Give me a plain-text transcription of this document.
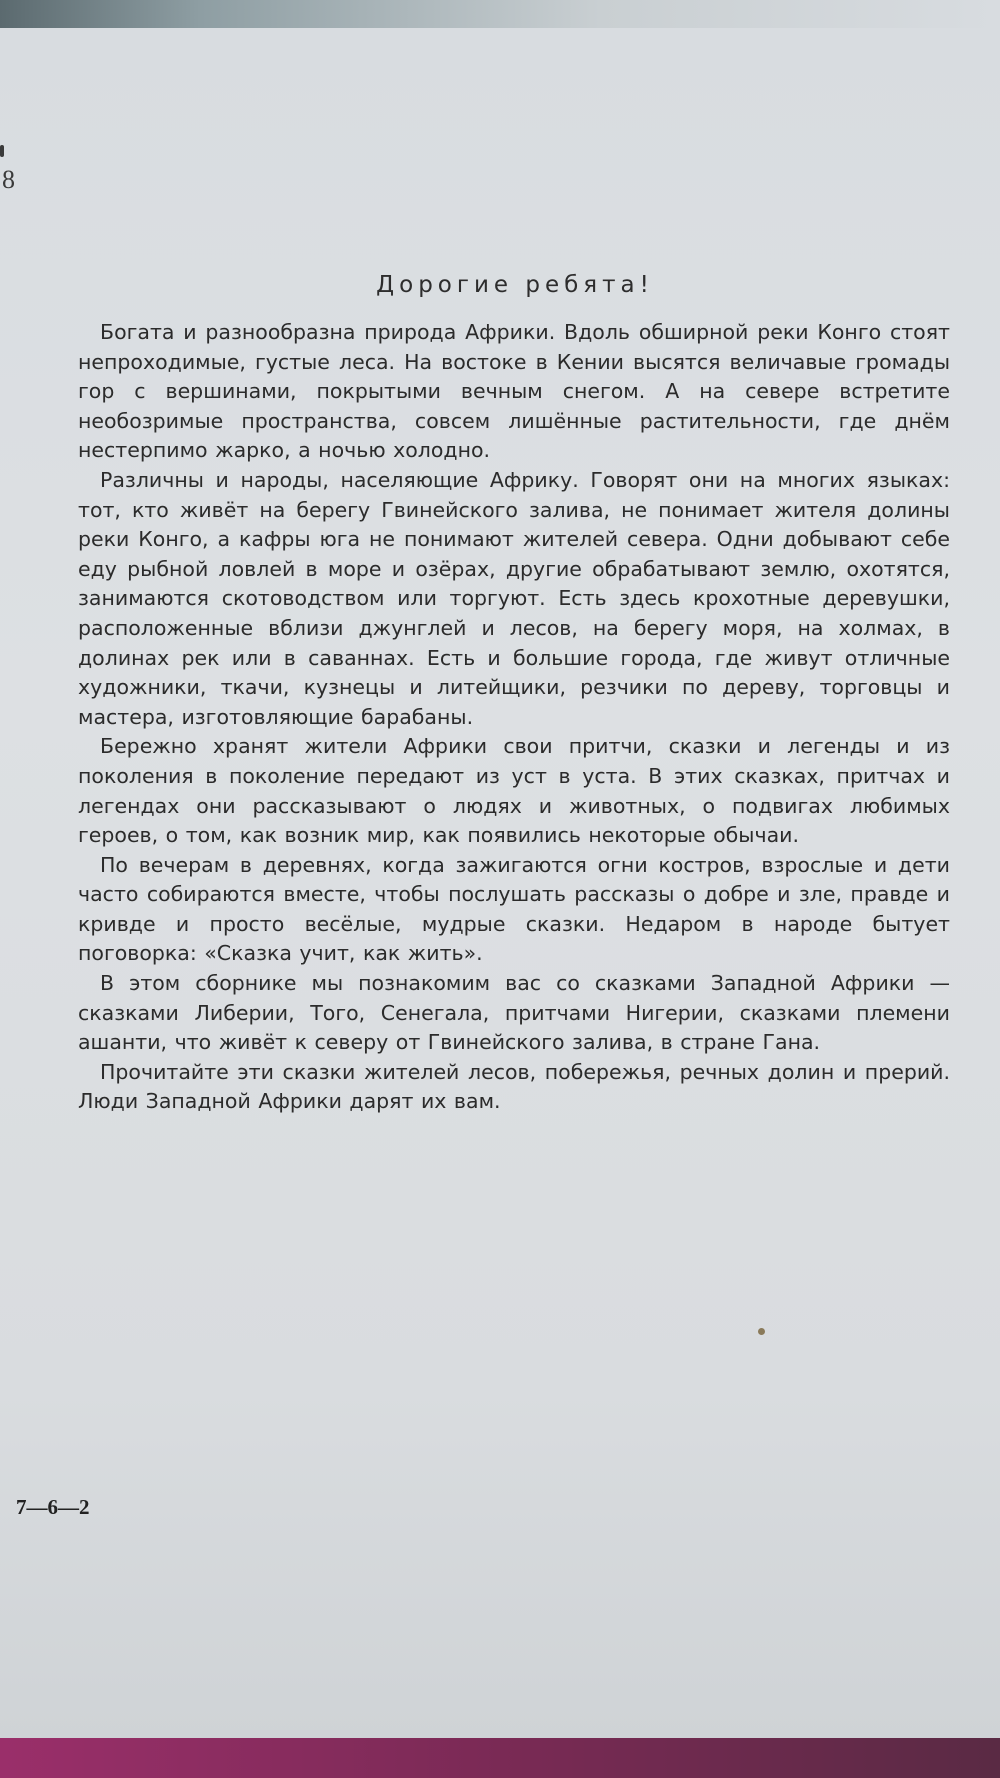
8
Дорогие ребята!

Богата и разнообразна природа Африки. Вдоль обширной реки Конго стоят непроходимые, густые леса. На востоке в Кении высятся величавые громады гор с вершинами, покрытыми вечным снегом. А на севере встретите необозримые пространства, совсем лишённые растительности, где днём нестерпимо жарко, а ночью холодно.

Различны и народы, населяющие Африку. Говорят они на многих языках: тот, кто живёт на берегу Гвинейского залива, не понимает жителя долины реки Конго, а кафры юга не понимают жителей севера. Одни добывают себе еду рыбной ловлей в море и озёрах, другие обрабатывают землю, охотятся, занимаются скотоводством или торгуют. Есть здесь крохотные деревушки, расположенные вблизи джунглей и лесов, на берегу моря, на холмах, в долинах рек или в саваннах. Есть и большие города, где живут отличные художники, ткачи, кузнецы и литейщики, резчики по дереву, торговцы и мастера, изготовляющие барабаны.

Бережно хранят жители Африки свои притчи, сказки и легенды и из поколения в поколение передают из уст в уста. В этих сказках, притчах и легендах они рассказывают о людях и животных, о подвигах любимых героев, о том, как возник мир, как появились некоторые обычаи.

По вечерам в деревнях, когда зажигаются огни костров, взрослые и дети часто собираются вместе, чтобы послушать рассказы о добре и зле, правде и кривде и просто весёлые, мудрые сказки. Недаром в народе бытует поговорка: «Сказка учит, как жить».

В этом сборнике мы познакомим вас со сказками Западной Африки — сказками Либерии, Того, Сенегала, притчами Нигерии, сказками племени ашанти, что живёт к северу от Гвинейского залива, в стране Гана.

Прочитайте эти сказки жителей лесов, побережья, речных долин и прерий. Люди Западной Африки дарят их вам.

7—6—2
